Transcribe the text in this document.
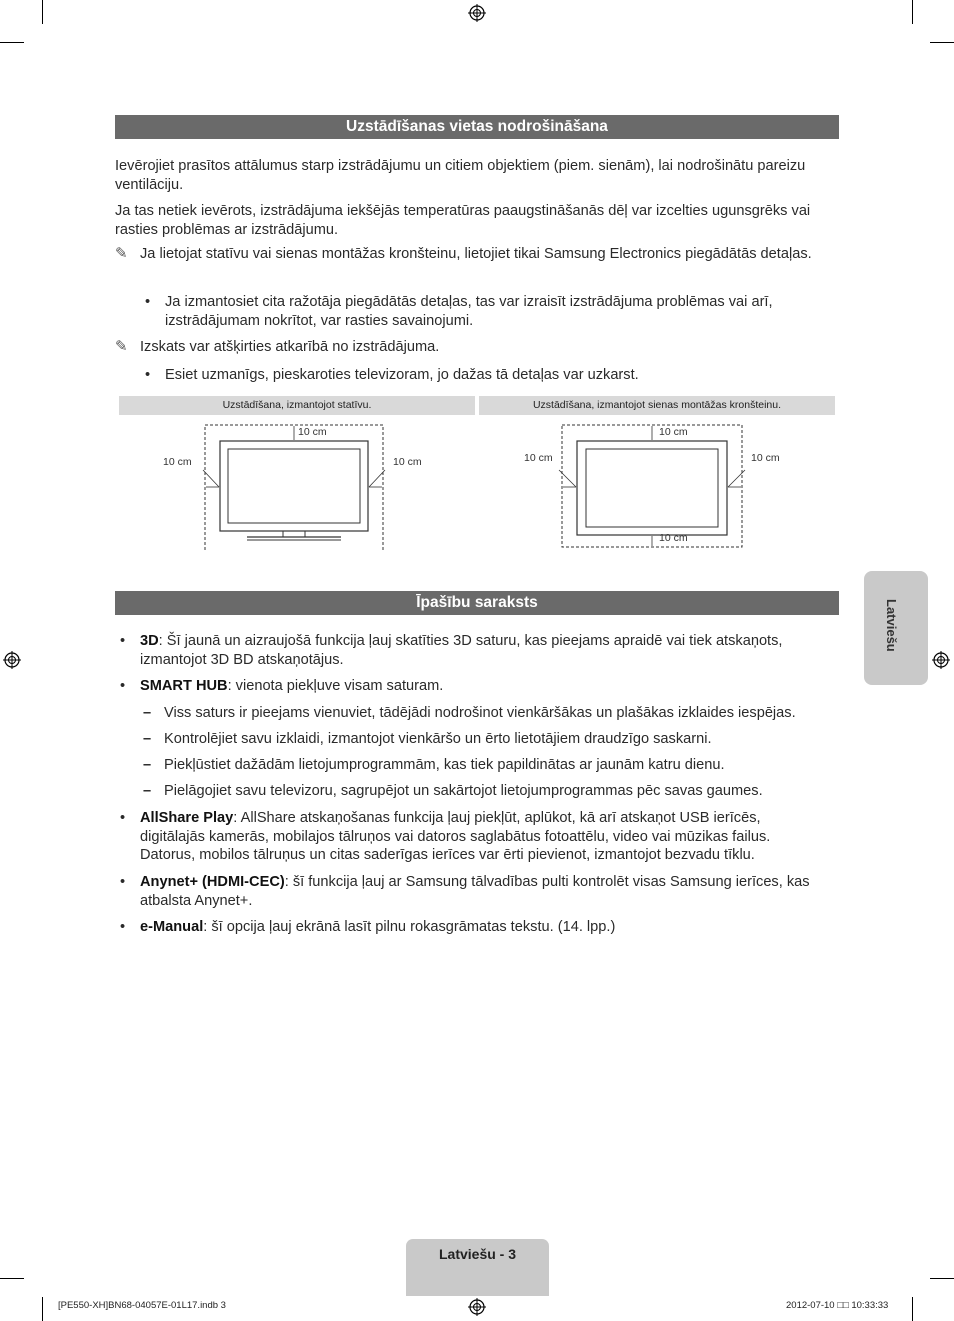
Uzstādīšanas vietas nodrošināšana
Ievērojiet prasītos attālumus starp izstrādājumu un citiem objektiem (piem. sienām), lai nodrošinātu pareizu ventilāciju.
Ja tas netiek ievērots, izstrādājuma iekšējās temperatūras paaugstināšanās dēļ var izcelties ugunsgrēks vai rasties problēmas ar izstrādājumu.
✎ Ja lietojat statīvu vai sienas montāžas kronšteinu, lietojiet tikai Samsung Electronics piegādātās detaļas.
• Ja izmantosiet cita ražotāja piegādātās detaļas, tas var izraisīt izstrādājuma problēmas vai arī, izstrādājumam nokrītot, var rasties savainojumi.
✎ Izskats var atšķirties atkarībā no izstrādājuma.
• Esiet uzmanīgs, pieskaroties televizoram, jo dažas tā detaļas var uzkarst.
Uzstādīšana, izmantojot statīvu.	Uzstādīšana, izmantojot sienas montāžas kronšteinu.
10 cm
10 cm	10 cm
10 cm
10 cm	10 cm
10 cm
Īpašību saraksts
• 3D: Šī jaunā un aizraujošā funkcija ļauj skatīties 3D saturu, kas pieejams apraidē vai tiek atskaņots, izmantojot 3D BD atskaņotājus.
• SMART HUB: vienota piekļuve visam saturam.
– Viss saturs ir pieejams vienuviet, tādējādi nodrošinot vienkāršākas un plašākas izklaides iespējas.
– Kontrolējiet savu izklaidi, izmantojot vienkāršo un ērto lietotājiem draudzīgo saskarni.
– Piekļūstiet dažādām lietojumprogrammām, kas tiek papildinātas ar jaunām katru dienu.
– Pielāgojiet savu televizoru, sagrupējot un sakārtojot lietojumprogrammas pēc savas gaumes.
• AllShare Play: AllShare atskaņošanas funkcija ļauj piekļūt, aplūkot, kā arī atskaņot USB ierīcēs, digitālajās kamerās, mobilajos tālruņos vai datoros saglabātus fotoattēlu, video vai mūzikas failus. Datorus, mobilos tālruņus un citas saderīgas ierīces var ērti pievienot, izmantojot bezvadu tīklu.
• Anynet+ (HDMI-CEC): šī funkcija ļauj ar Samsung tālvadības pulti kontrolēt visas Samsung ierīces, kas atbalsta Anynet+.
• e-Manual: šī opcija ļauj ekrānā lasīt pilnu rokasgrāmatas tekstu. (14. lpp.)
Latviešu
Latviešu - 3
[PE550-XH]BN68-04057E-01L17.indb 3	2012-07-10 □□ 10:33:33
